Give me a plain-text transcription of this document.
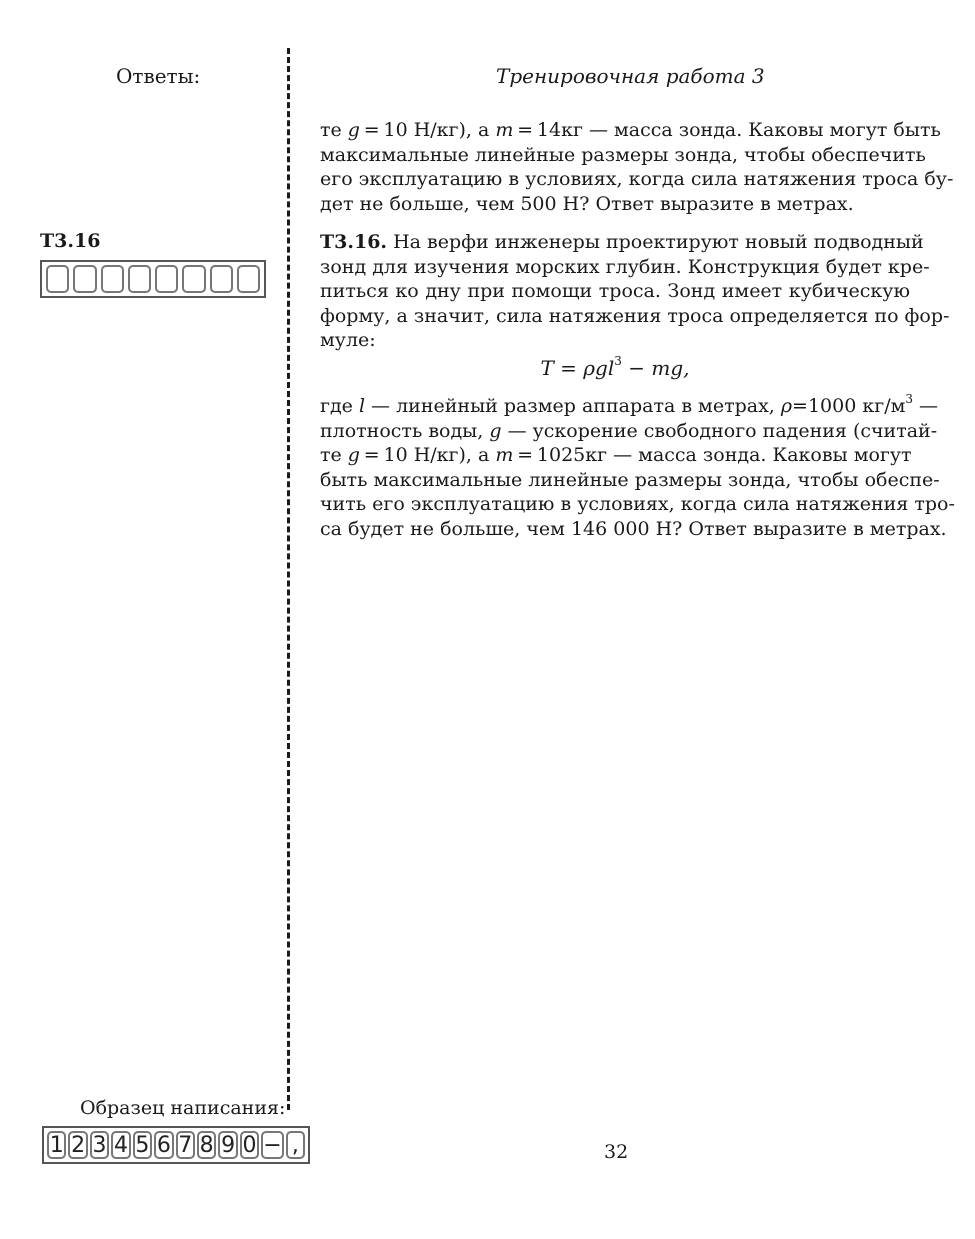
Ответы:	Тренировочная работа 3
те g = 10 Н/кг), а m = 14кг — масса зонда. Каковы могут быть
максимальные линейные размеры зонда, чтобы обеспечить
его эксплуатацию в условиях, когда сила натяжения троса бу-
дет не больше, чем 500 Н? Ответ выразите в метрах.
Т3.16	Т3.16. На верфи инженеры проектируют новый подводный
зонд для изучения морских глубин. Конструкция будет кре-
питься ко дну при помощи троса. Зонд имеет кубическую
форму, а значит, сила натяжения троса определяется по фор-
муле:
T = ρgl$^3$ − mg,
где l — линейный размер аппарата в метрах, ρ=1000 $кг/м^3$ —
плотность воды, g — ускорение свободного падения (считай-
те g = 10 Н/кг), а m = 1025кг — масса зонда. Каковы могут
быть максимальные линейные размеры зонда, чтобы обеспе-
чить его эксплуатацию в условиях, когда сила натяжения тро-
са будет не больше, чем 146 000 Н? Ответ выразите в метрах.
Образец написания:
1 2 3 4 5 6 7 8 9 0 − ,	32
